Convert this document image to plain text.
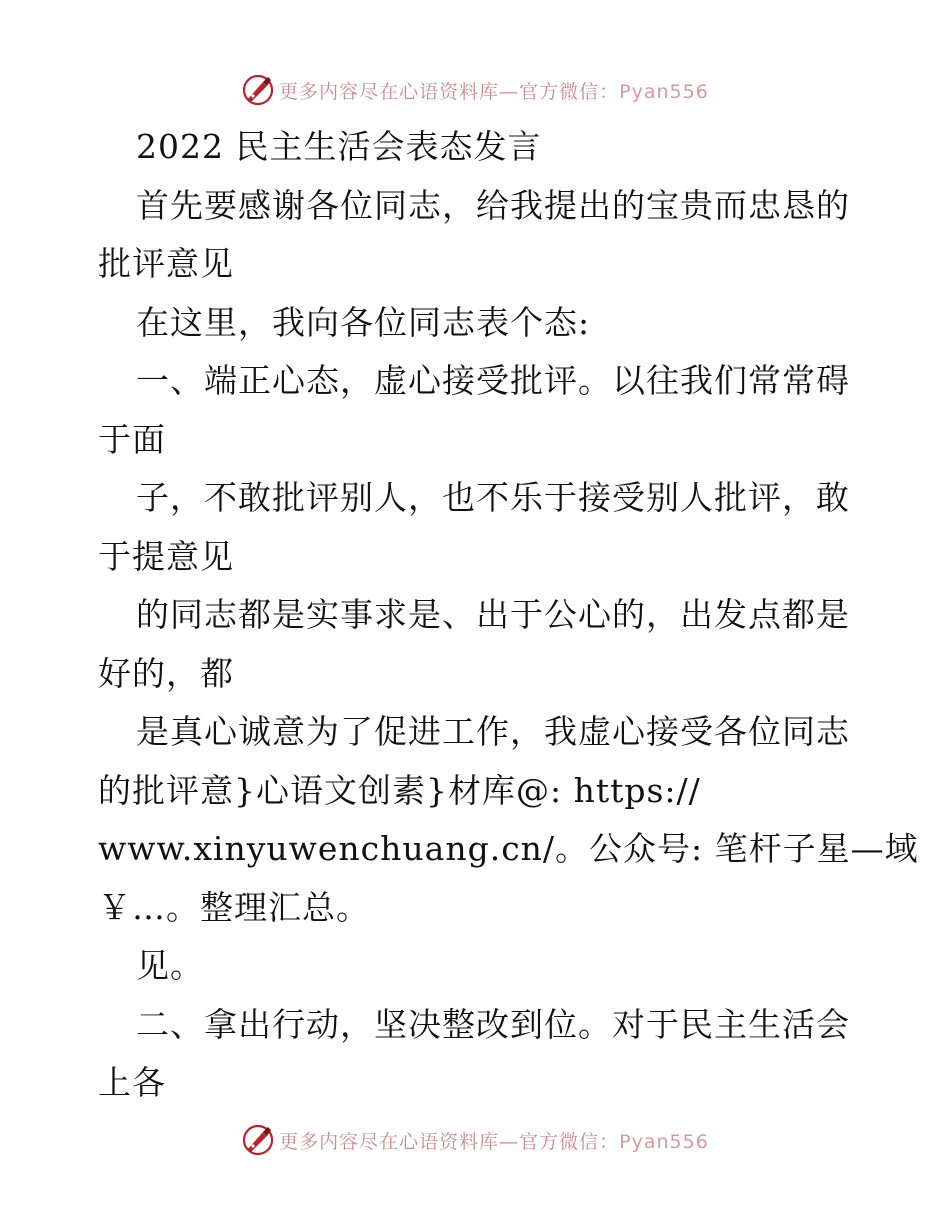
更多内容尽在心语资料库—官方微信：Pyan556
2022 民主生活会表态发言
首先要感谢各位同志，给我提出的宝贵而忠恳的
批评意见
在这里，我向各位同志表个态:
一、端正心态，虚心接受批评。以往我们常常碍
于面
子，不敢批评别人，也不乐于接受别人批评，敢
于提意见
的同志都是实事求是、出于公心的，出发点都是
好的，都
是真心诚意为了促进工作，我虚心接受各位同志
的批评意}心语文创素}材库@: https://
www.xinyuwenchuang.cn/。公众号: 笔杆子星—域
￥…。整理汇总。
见。
二、拿出行动，坚决整改到位。对于民主生活会
上各
更多内容尽在心语资料库—官方微信：Pyan556
